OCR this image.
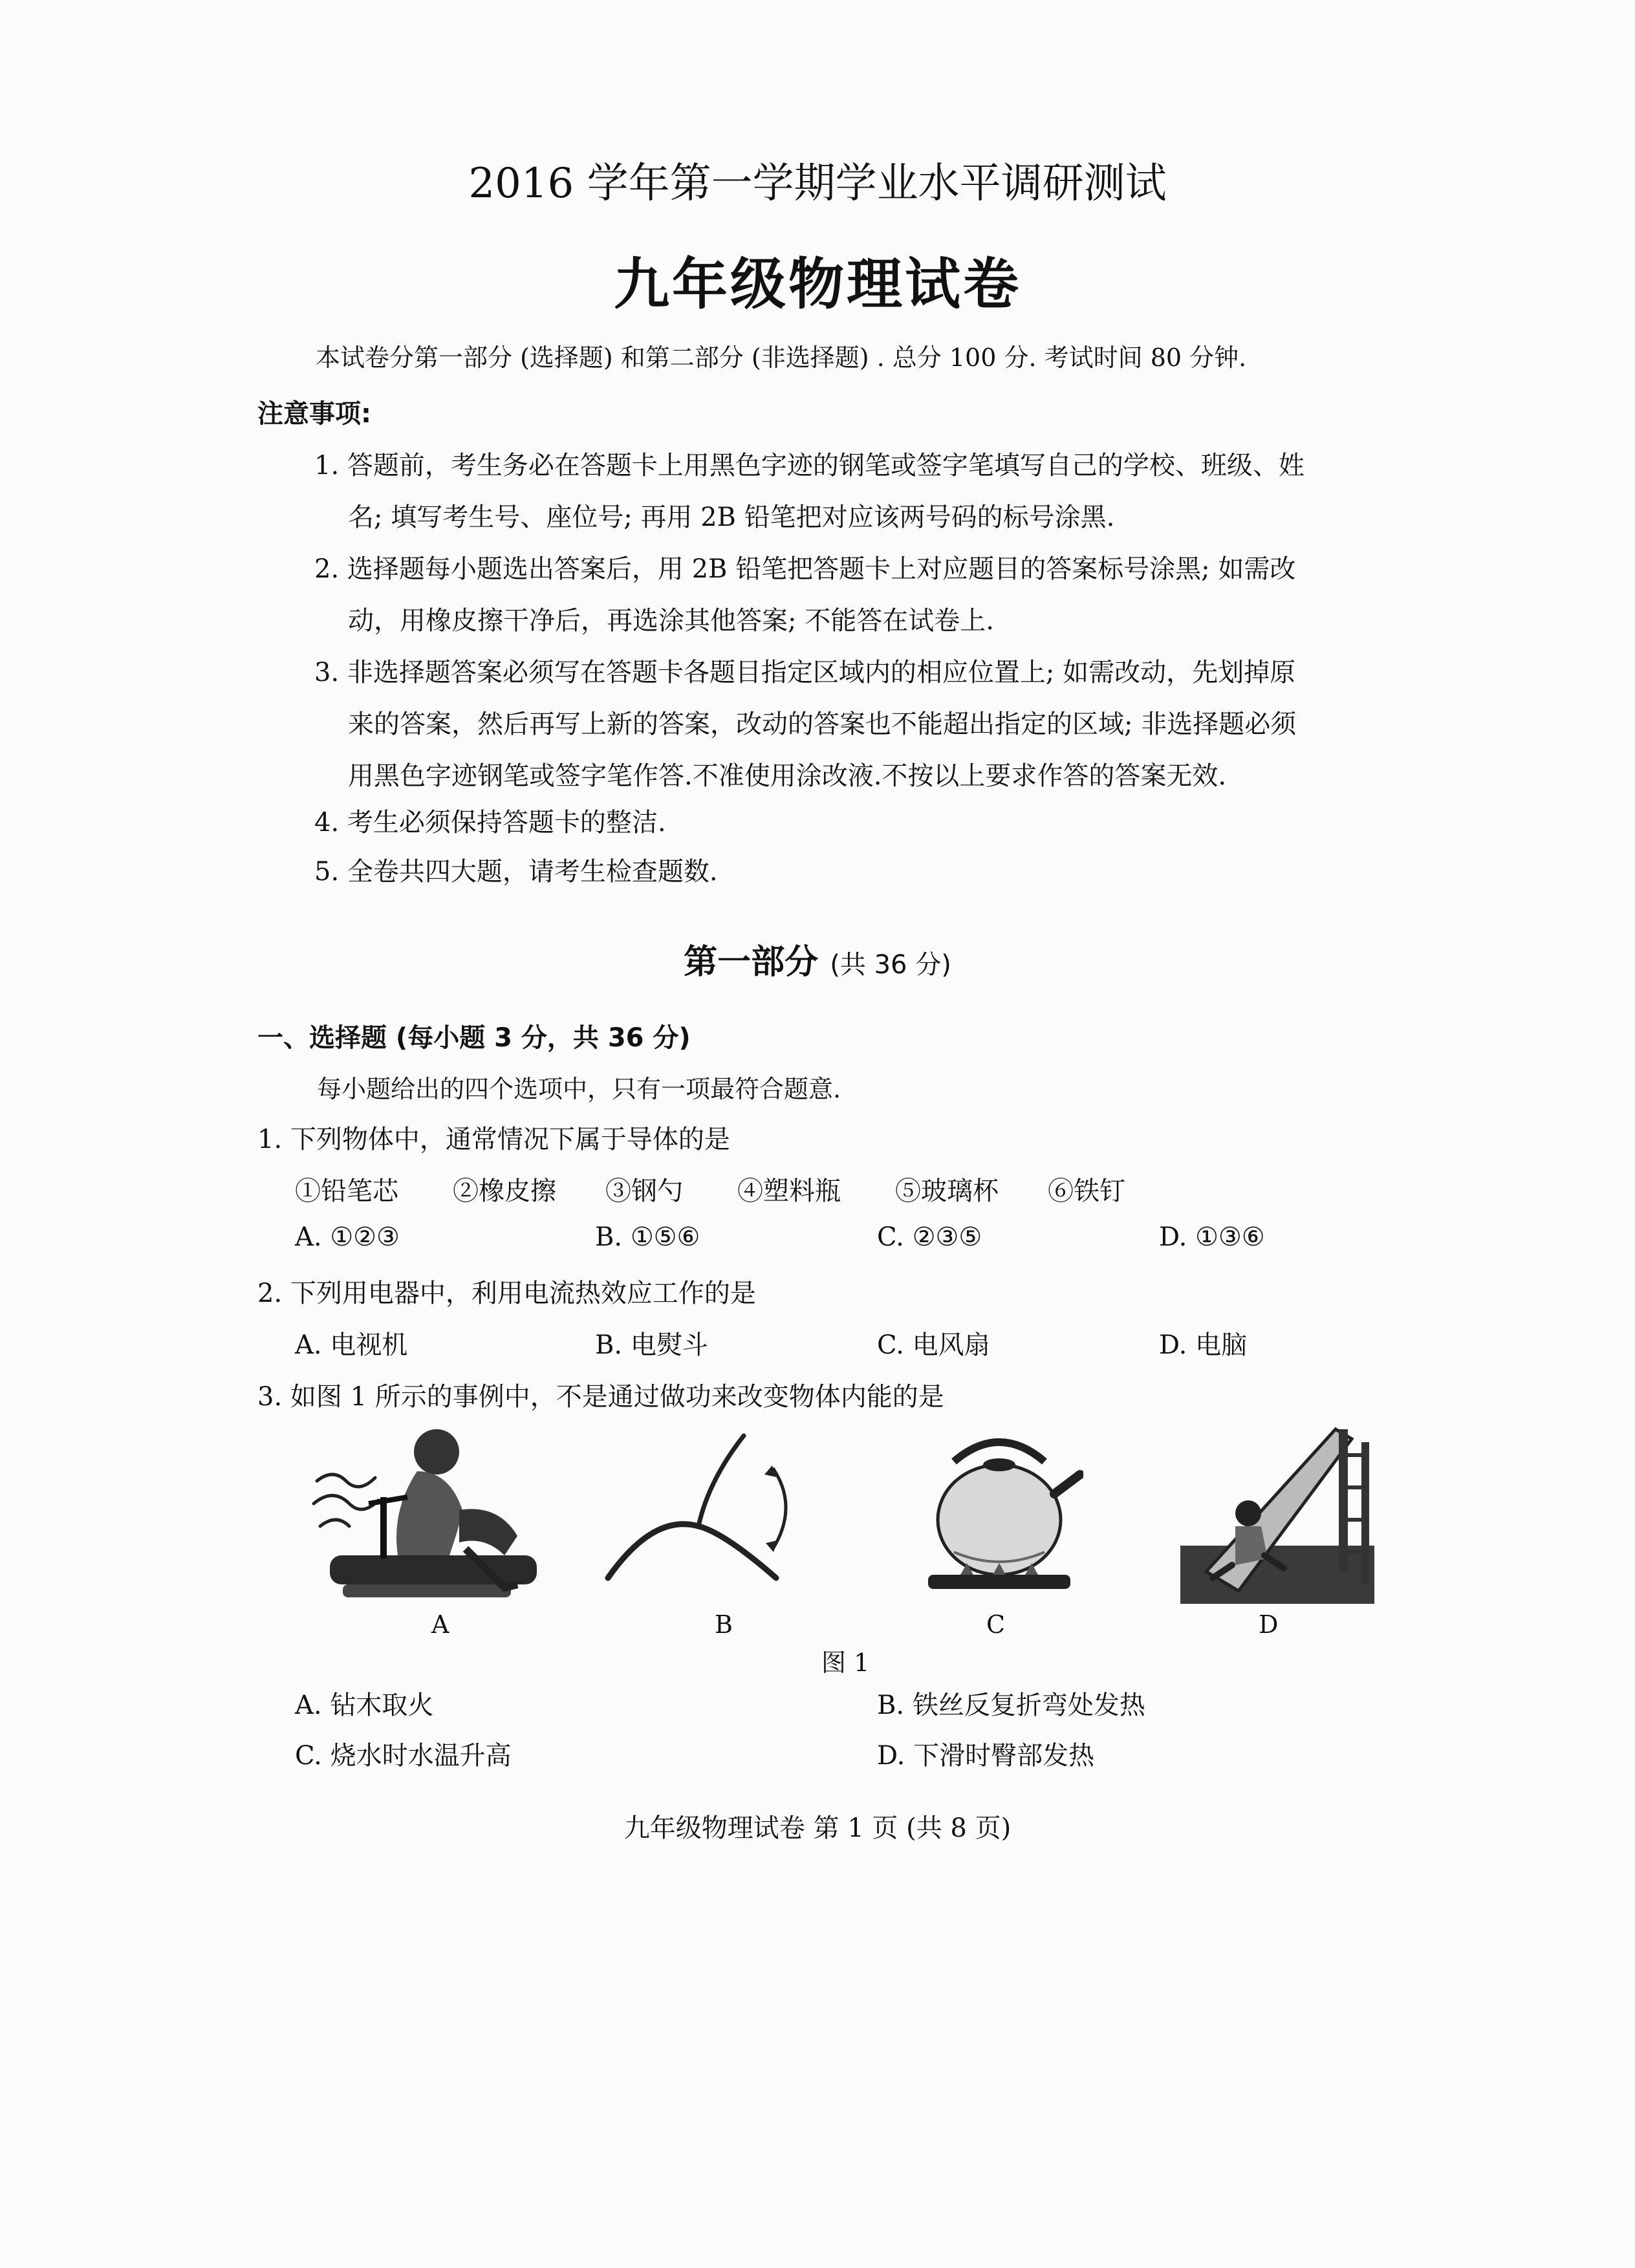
2016 学年第一学期学业水平调研测试
九年级物理试卷
本试卷分第一部分 (选择题) 和第二部分 (非选择题) . 总分 100 分. 考试时间 80 分钟.
注意事项:
1. 答题前，考生务必在答题卡上用黑色字迹的钢笔或签字笔填写自己的学校、班级、姓
名; 填写考生号、座位号; 再用 2B 铅笔把对应该两号码的标号涂黑.
2. 选择题每小题选出答案后，用 2B 铅笔把答题卡上对应题目的答案标号涂黑; 如需改
动，用橡皮擦干净后，再选涂其他答案; 不能答在试卷上.
3. 非选择题答案必须写在答题卡各题目指定区域内的相应位置上; 如需改动，先划掉原
来的答案，然后再写上新的答案，改动的答案也不能超出指定的区域; 非选择题必须
用黑色字迹钢笔或签字笔作答.不准使用涂改液.不按以上要求作答的答案无效.
4. 考生必须保持答题卡的整洁.
5. 全卷共四大题，请考生检查题数.
第一部分 (共 36 分)
一、选择题 (每小题 3 分，共 36 分)
每小题给出的四个选项中，只有一项最符合题意.
1. 下列物体中，通常情况下属于导体的是
①铅笔芯 ②橡皮擦 ③钢勺 ④塑料瓶 ⑤玻璃杯 ⑥铁钉
A. ①②③	B. ①⑤⑥	C. ②③⑤	D. ①③⑥
2. 下列用电器中，利用电流热效应工作的是
A. 电视机	B. 电熨斗	C. 电风扇	D. 电脑
3. 如图 1 所示的事例中，不是通过做功来改变物体内能的是
A	B	C	D
图 1
A. 钻木取火	B. 铁丝反复折弯处发热
C. 烧水时水温升高	D. 下滑时臀部发热
九年级物理试卷 第 1 页 (共 8 页)
